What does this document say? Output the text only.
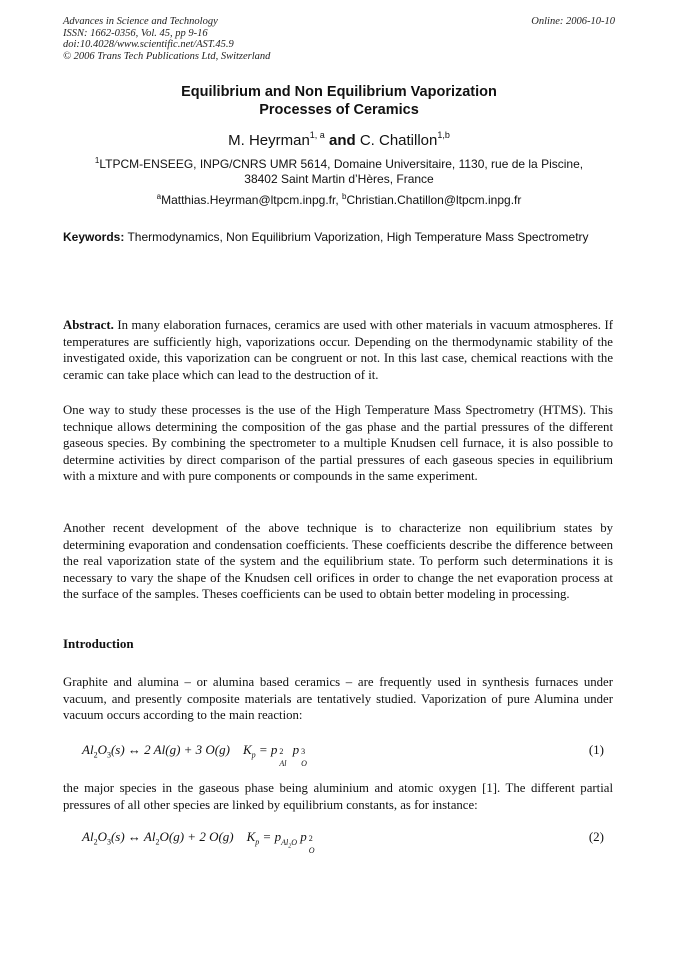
Advances in Science and Technology
ISSN: 1662-0356, Vol. 45, pp 9-16
doi:10.4028/www.scientific.net/AST.45.9
© 2006 Trans Tech Publications Ltd, Switzerland
Online: 2006-10-10
Equilibrium and Non Equilibrium Vaporization
Processes of Ceramics
M. Heyrman$^{1, a}$ and C. Chatillon$^{1,b}$
$^1$LTPCM-ENSEEG, INPG/CNRS UMR 5614, Domaine Universitaire, 1130, rue de la Piscine,
38402 Saint Martin d’Hères, France
$^a$Matthias.Heyrman@ltpcm.inpg.fr, $^b$Christian.Chatillon@ltpcm.inpg.fr
Keywords: Thermodynamics, Non Equilibrium Vaporization, High Temperature Mass Spectrometry
Abstract. In many elaboration furnaces, ceramics are used with other materials in vacuum atmospheres. If temperatures are sufficiently high, vaporizations occur. Depending on the thermodynamic stability of the investigated oxide, this vaporization can be congruent or not. In this last case, chemical reactions with the ceramic can take place which can lead to the destruction of it.
One way to study these processes is the use of the High Temperature Mass Spectrometry (HTMS). This technique allows determining the composition of the gas phase and the partial pressures of the different gaseous species. By combining the spectrometer to a multiple Knudsen cell furnace, it is also possible to determine activities by direct comparison of the partial pressures of each gaseous species in equilibrium with a mixture and with pure components or compounds in the same experiment.
Another recent development of the above technique is to characterize non equilibrium states by determining evaporation and condensation coefficients. These coefficients describe the difference between the real vaporization state of the system and the equilibrium state. To perform such determinations it is necessary to vary the shape of the Knudsen cell orifices in order to change the net evaporation process at the surface of the samples. Theses coefficients can be used to obtain better modeling in processing.
Introduction
Graphite and alumina – or alumina based ceramics – are frequently used in synthesis furnaces under vacuum, and presently composite materials are tentatively studied. Vaporization of pure Alumina under vacuum occurs according to the main reaction:
$Al_2O_3(s)$ ↔ 2 Al(g) + 3 O(g)    $K_p = p$ 2
Al
p 3
O
(1)
the major species in the gaseous phase being aluminium and atomic oxygen [1]. The different partial pressures of all other species are linked by equilibrium constants, as for instance:
$Al_2O_3(s)$ ↔ $Al_2O(g) + 2$ O(g)    $K_p = p_{Al_2O}$ p 2
O
(2)
